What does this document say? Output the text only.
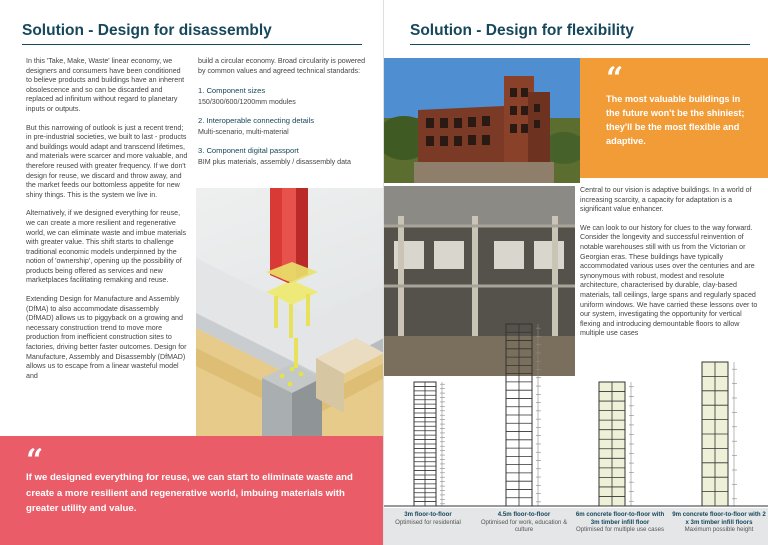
Solution - Design for disassembly

In this 'Take, Make, Waste' linear economy, we designers and consumers have been conditioned to believe products and buildings have an inherent obsolescence and so can be discarded and replaced ad infinitum without regard to planetary inputs or outputs.

But this narrowing of outlook is just a recent trend; in pre-industrial societies, we built to last - products and buildings would adapt and transcend lifetimes, and materials were scarcer and more valuable, and therefore reused with greater frequency. If we don't design for reuse, we discard and throw away, and the market feeds our bottomless appetite for new shiny things. This is the system we live in.

Alternatively, if we designed everything for reuse, we can create a more resilient and regenerative world, we can eliminate waste and imbue materials with greater value. This shift starts to challenge traditional economic models underpinned by the notion of 'ownership', opening up the possibility of products being offered as services and new marketplaces facilitating remaking and reuse.

Extending Design for Manufacture and Assembly (DfMA) to also accommodate disassembly (DfMAD) allows us to piggyback on a growing and necessary construction trend to move more production from inefficient construction sites to factories, driving better faster outcomes. Design for Manufacture, Assembly and Disassembly (DfMAD) allows us to escape from a linear wasteful model and

build a circular economy. Broad circularity is powered by common values and agreed technical standards:

1. Component sizes
150/300/600/1200mm modules
2. Interoperable connecting details
Multi-scenario, multi-material
3. Component digital passport
BIM plus materials, assembly / disassembly data
“
If we designed everything for reuse, we can start to eliminate waste and create a more resilient and regenerative world, imbuing materials with greater utility and value.
Solution - Design for flexibility
“
The most valuable buildings in the future won't be the shiniest; they'll be the most flexible and adaptive.

Central to our vision is adaptive buildings. In a world of increasing scarcity, a capacity for adaptation is a significant value enhancer.

We can look to our history for clues to the way forward. Consider the longevity and successful reinvention of notable warehouses still with us from the Victorian or Georgian eras. These buildings have typically accommodated various uses over the centuries and are synonymous with robust, modest and resolute architecture, characterised by durable, clay-based materials, tall ceilings, large spans and regularly spaced uniform windows. We have carried these lessons over to our system, investigating the opportunity for vertical flexing and introducing demountable floors to allow multiple use cases

3m floor-to-floor
Optimised for residential
4.5m floor-to-floor
Optimised for work, education & culture
6m concrete floor-to-floor with 3m timber infill floor
Optimised for multiple use cases
9m concrete floor-to-floor with 2 x 3m timber infill floors
Maximum possible height
